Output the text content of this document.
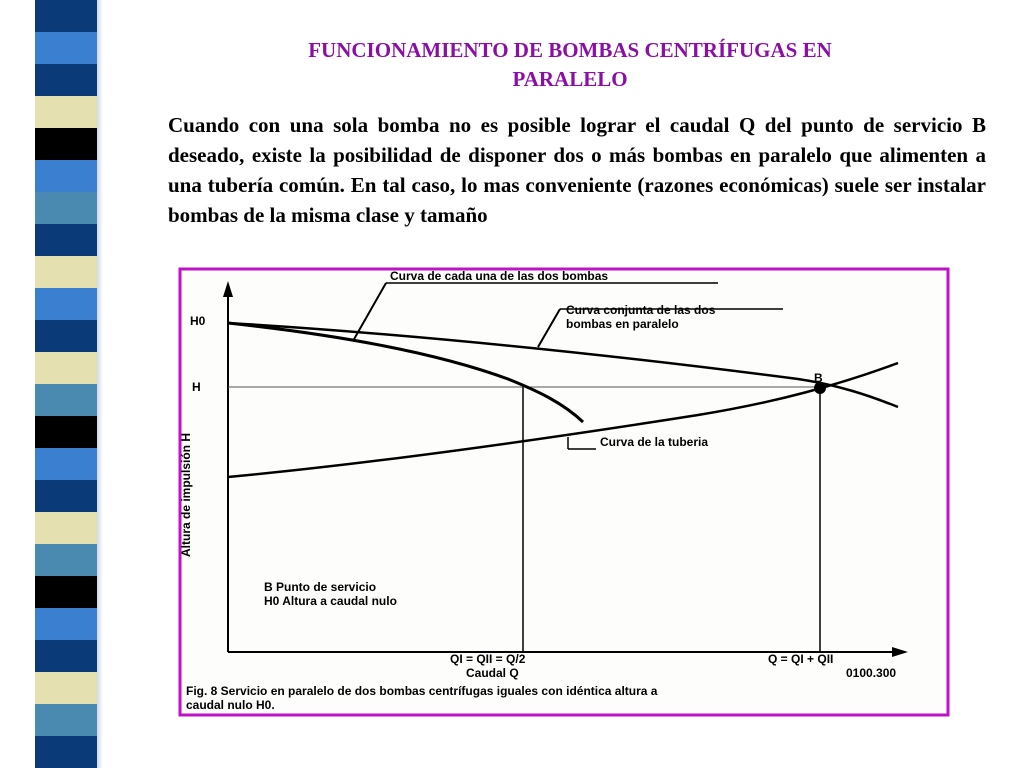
FUNCIONAMIENTO DE BOMBAS CENTRÍFUGAS EN
PARALELO
Cuando con una sola bomba no es posible lograr el caudal Q del punto de servicio B deseado, existe la posibilidad de disponer dos o más bombas en paralelo que alimenten a una tubería común. En tal caso, lo mas conveniente (razones económicas) suele ser instalar bombas de la misma clase y tamaño
B
Curva de cada una de las dos bombas
Curva conjunta de las dos
bombas en paralelo
Curva de la tuberia
H0
H
Altura de impulsión H
B Punto de servicio
H0 Altura a caudal nulo
QI = QII = Q/2	Q = QI + QII
Caudal Q	0100.300
Fig. 8 Servicio en paralelo de dos bombas centrífugas iguales con idéntica altura a
caudal nulo H0.
